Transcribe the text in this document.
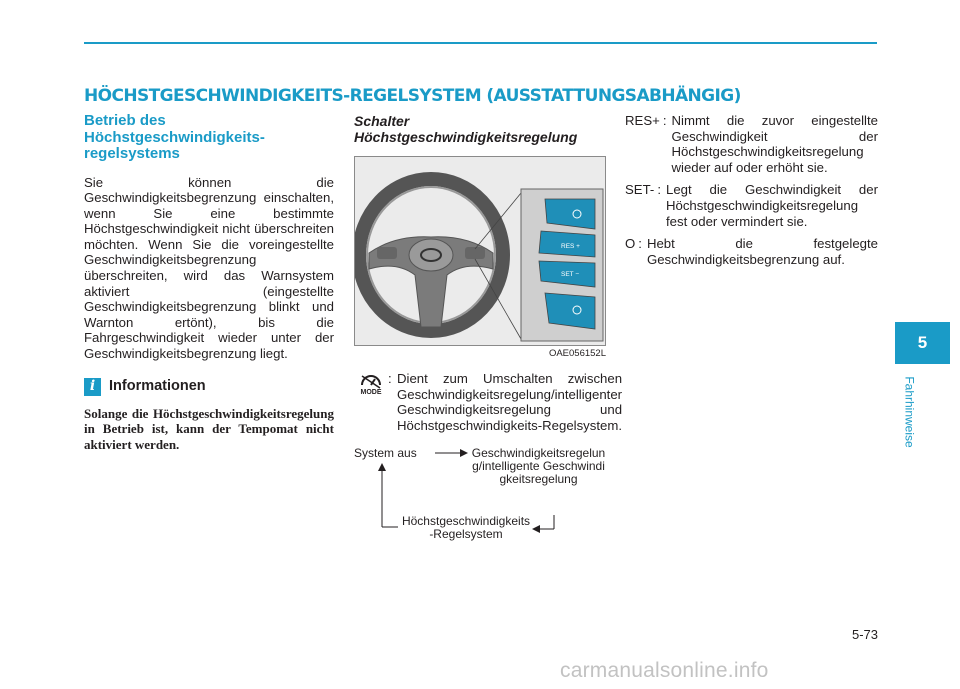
HÖCHSTGESCHWINDIGKEITS-REGELSYSTEM (AUSSTATTUNGSABHÄNGIG)
Betrieb des Höchstgeschwindigkeits-regelsystems

Sie können die Geschwindigkeitsbegrenzung einschalten, wenn Sie eine bestimmte Höchstgeschwindigkeit nicht überschreiten möchten. Wenn Sie die voreingestellte Geschwindigkeitsbegrenzung überschreiten, wird das Warnsystem aktiviert (eingestellte Geschwindigkeitsbegrenzung blinkt und Warnton ertönt), bis die Fahrgeschwindigkeit wieder unter der Geschwindigkeitsbegrenzung liegt.

i Informationen

Solange die Höchstgeschwindigkeitsregelung in Betrieb ist, kann der Tempomat nicht aktiviert werden.

Schalter

Höchstgeschwindigkeitsregelung

RES +
SET −
OAE056152L
MODE
: Dient zum Umschalten zwischen Geschwindigkeitsregelung/intelligenter Geschwindigkeitsregelung und Höchstgeschwindigkeits-Regelsystem.
System aus	Geschwindigkeitsregelung/intelligente Geschwindigkeitsregelung
Höchstgeschwindigkeits-Regelsystem
RES+ : Nimmt die zuvor eingestellte Geschwindigkeit der Höchstgeschwindigkeitsregelung wieder auf oder erhöht sie.
SET- : Legt die Geschwindigkeit der Höchstgeschwindigkeitsregelung fest oder vermindert sie.
O : Hebt die festgelegte Geschwindigkeitsbegrenzung auf.
5
Fahrhinweise
5-73
carmanualsonline.info
